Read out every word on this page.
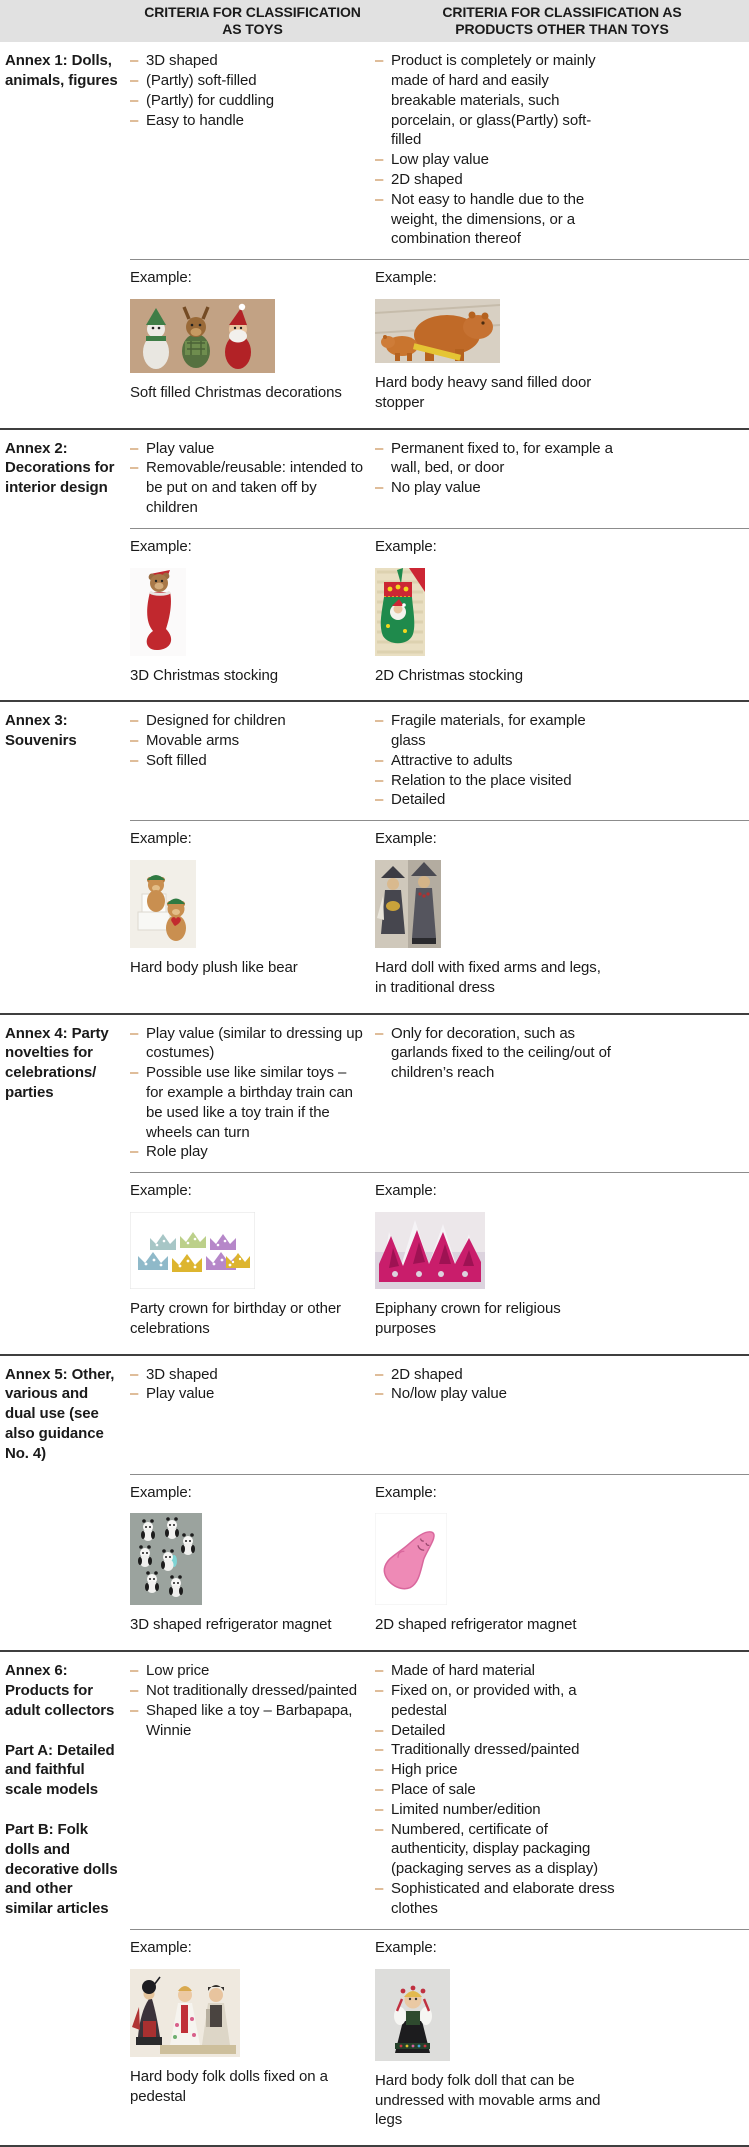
CRITERIA FOR CLASSIFICATION AS TOYS
CRITERIA FOR CLASSIFICATION AS PRODUCTS OTHER THAN TOYS

Annex 1: Dolls, animals, figures

– 3D shaped
– (Partly) soft-filled
– (Partly) for cuddling
– Easy to handle
– Product is completely or mainly made of hard and easily breakable materials, such porcelain, or glass(Partly) soft-filled
– Low play value
– 2D shaped
– Not easy to handle due to the weight, the dimensions, or a combination thereof
Example:
Soft filled Christmas decorations
Example:
Hard body heavy sand filled door stopper

Annex 2: Decorations for interior design

– Play value
– Removable/reusable: intended to be put on and taken off by children
– Permanent fixed to, for example a wall, bed, or door
– No play value
Example:
3D Christmas stocking
Example:
2D Christmas stocking

Annex 3: Souvenirs

– Designed for children
– Movable arms
– Soft filled
– Fragile materials, for example glass
– Attractive to adults
– Relation to the place visited
– Detailed
Example:
Hard body plush like bear
Example:
Hard doll with fixed arms and legs, in traditional dress

Annex 4: Party novelties for celebrations/ parties

– Play value (similar to dressing up costumes)
– Possible use like similar toys – for example a birthday train can be used like a toy train if the wheels can turn
– Role play
– Only for decoration, such as garlands fixed to the ceiling/out of children’s reach
Example:
Party crown for birthday or other celebrations
Example:
Epiphany crown for religious purposes

Annex 5: Other, various and dual use (see also guidance No. 4)

– 3D shaped
– Play value
– 2D shaped
– No/low play value
Example:
3D shaped refrigerator magnet
Example:
2D shaped refrigerator magnet

Annex 6: Products for adult collectors

Part A: Detailed and faithful scale models

Part B: Folk dolls and decorative dolls and other similar articles

– Low price
– Not traditionally dressed/painted
– Shaped like a toy – Barbapapa, Winnie
– Made of hard material
– Fixed on, or provided with, a pedestal
– Detailed
– Traditionally dressed/painted
– High price
– Place of sale
– Limited number/edition
– Numbered, certificate of authenticity, display packaging (packaging serves as a display)
– Sophisticated and elaborate dress clothes
Example:
Hard body folk dolls fixed on a pedestal
Example:
Hard body folk doll that can be undressed with movable arms and legs
